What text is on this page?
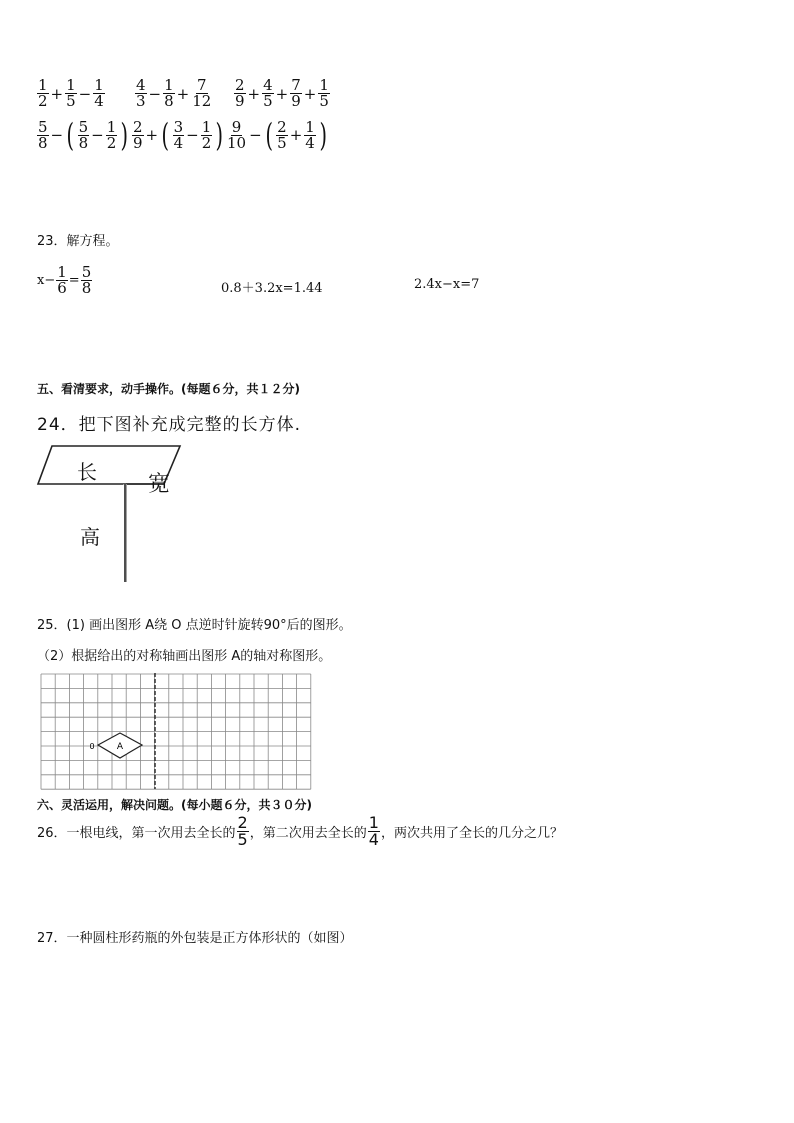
$\frac{1}{2} + \frac{1}{5} - \frac{1}{4} \frac{4}{3} - \frac{1}{8} + \frac{7}{12} \frac{2}{9} + \frac{4}{5} + \frac{7}{9} + \frac{1}{5}$
$\frac{5}{8}$ − ( $\frac{5}{8} - \frac{1}{2}$ ) $\frac{2}{9}$ + ( $\frac{3}{4} - \frac{1}{2}$ ) $\frac{9}{10}$ − ( $\frac{2}{5} + \frac{1}{4}$ )
23．解方程。
$x- \frac{1}{6} = \frac{5}{8}$	0.8＋3.2x=1.44	2.4x−x=7
五、看清要求，动手操作。(每题６分，共１２分)
24．把下图补充成完整的长方体.
长 宽
高
25．(1) 画出图形 A绕 O 点逆时针旋转90°后的图形。
（2）根据给出的对称轴画出图形 A的轴对称图形。
A
0
六、灵活运用，解决问题。(每小题６分，共３０分)
26．一根电线，第一次用去全长的 $\frac{2}{5}$ ，第二次用去全长的 $\frac{1}{4}$ ，两次共用了全长的几分之几？
27．一种圆柱形药瓶的外包装是正方体形状的（如图）
